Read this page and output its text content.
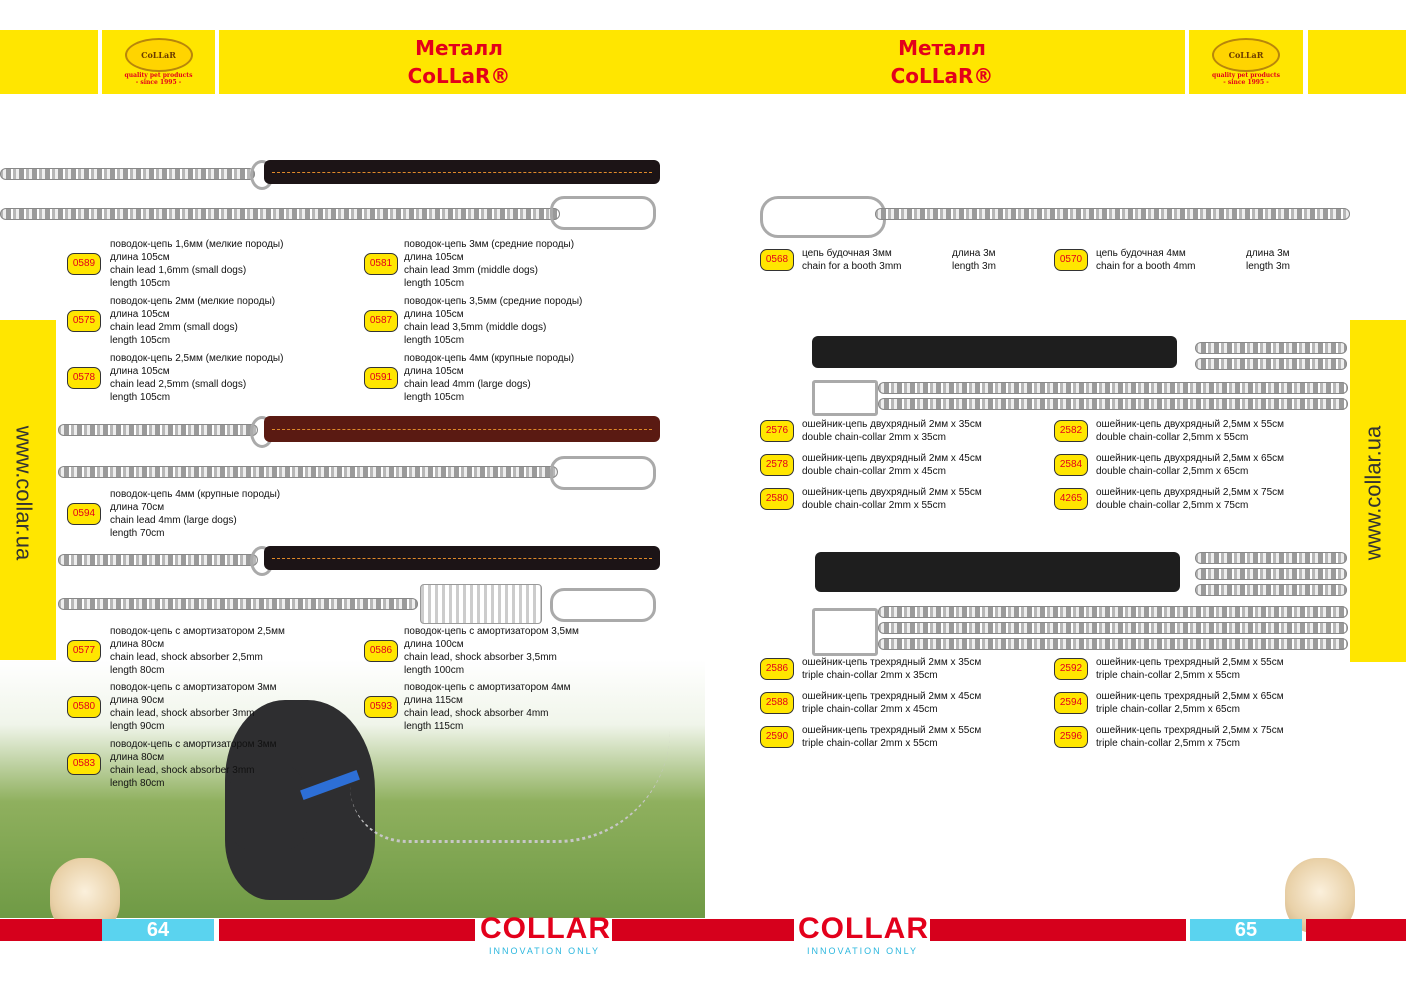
CoLLaR
quality pet products
- since 1995 -
Металл
CoLLaR®
Металл
CoLLaR®
CoLLaR
quality pet products
- since 1995 -
www.collar.ua	www.collar.ua
0589
поводок-цепь 1,6мм (мелкие породы)
длина 105см
chain lead 1,6mm (small dogs)
length 105cm
0575
поводок-цепь 2мм (мелкие породы)
длина 105см
chain lead 2mm (small dogs)
length 105cm
0578
поводок-цепь 2,5мм (мелкие породы)
длина 105см
chain lead 2,5mm (small dogs)
length 105cm
0594
поводок-цепь 4мм (крупные породы)
длина 70см
chain lead 4mm (large dogs)
length 70cm
0577
поводок-цепь с амортизатором 2,5мм
длина 80см
chain lead, shock absorber 2,5mm
length 80cm
0580
поводок-цепь с амортизатором 3мм
длина 90см
chain lead, shock absorber 3mm
length 90cm
0583
поводок-цепь с амортизатором 3мм
длина 80см
chain lead, shock absorber 3mm
length 80cm
0581
поводок-цепь 3мм (средние породы)
длина 105см
chain lead 3mm (middle dogs)
length 105cm
0587
поводок-цепь 3,5мм (средние породы)
длина 105см
chain lead 3,5mm (middle dogs)
length 105cm
0591
поводок-цепь 4мм (крупные породы)
длина 105см
chain lead 4mm (large dogs)
length 105cm
0586
поводок-цепь с амортизатором 3,5мм
длина 100см
chain lead, shock absorber 3,5mm
length 100cm
0593
поводок-цепь с амортизатором 4мм
длина 115см
chain lead, shock absorber 4mm
length 115cm
0568
цепь будочная 3мм
chain for a booth 3mm
длина 3м
length 3m
0570
цепь будочная 4мм
chain for a booth 4mm
длина 3м
length 3m
2576
ошейник-цепь двухрядный 2мм х 35см
double chain-collar 2mm x 35cm
2578
ошейник-цепь двухрядный 2мм х 45см
double chain-collar 2mm x 45cm
2580
ошейник-цепь двухрядный 2мм х 55см
double chain-collar 2mm x 55cm
2582
ошейник-цепь двухрядный 2,5мм х 55см
double chain-collar 2,5mm x 55cm
2584
ошейник-цепь двухрядный 2,5мм х 65см
double chain-collar 2,5mm x 65cm
4265
ошейник-цепь двухрядный 2,5мм х 75см
double chain-collar 2,5mm x 75cm
2586
ошейник-цепь трехрядный 2мм х 35см
triple chain-collar 2mm x 35cm
2588
ошейник-цепь трехрядный 2мм х 45см
triple chain-collar 2mm x 45cm
2590
ошейник-цепь трехрядный 2мм х 55см
triple chain-collar 2mm x 55cm
2592
ошейник-цепь трехрядный 2,5мм х 55см
triple chain-collar 2,5mm x 55cm
2594
ошейник-цепь трехрядный 2,5мм х 65см
triple chain-collar 2,5mm x 65cm
2596
ошейник-цепь трехрядный 2,5мм х 75см
triple chain-collar 2,5mm x 75cm
64	COLLAR
INNOVATION ONLY
COLLAR
INNOVATION ONLY
65
